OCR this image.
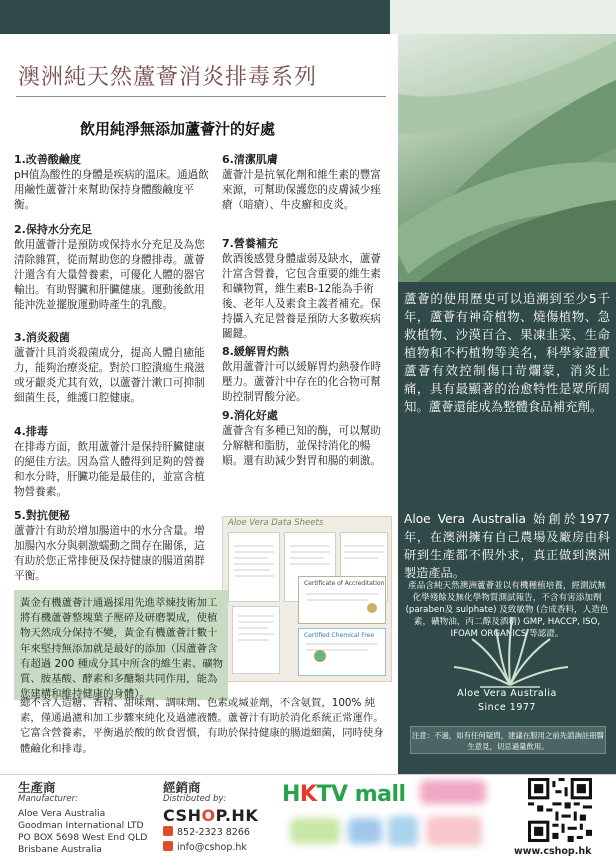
澳洲純天然蘆薈消炎排毒系列
飲用純淨無添加蘆薈汁的好處
1.改善酸鹼度
pH值為酸性的身體是疾病的溫床。通過飲用鹼性蘆薈汁來幫助保持身體酸鹼度平衡。
2.保持水分充足
飲用蘆薈汁是預防或保持水分充足及為您清除雜質，從而幫助您的身體排毒。蘆薈汁還含有大量營養素，可優化人體的器官輸出。有助腎臟和肝臟健康。運動後飲用能沖洗並擺脫運動時產生的乳酸。
3.消炎殺菌
蘆薈汁具消炎殺菌成分，提高人體自癒能力，能夠治療炎症。對於口腔潰瘍生飛滋或牙齦炎尤其有效，以蘆薈汁漱口可抑制細菌生長，維護口腔健康。
4.排毒
在排毒方面，飲用蘆薈汁是保持肝臟健康的絕佳方法。因為當人體得到足夠的營養和水分時，肝臟功能是最佳的，並富含植物營養素。
5.對抗便秘
蘆薈汁有助於增加腸道中的水分含量。增加腸內水分與刺激蠕動之間存在關係，這有助於您正常排便及保持健康的腸道菌群平衡。
6.清潔肌膚
蘆薈汁是抗氧化劑和維生素的豐富來源，可幫助保護您的皮膚減少痤瘡（暗瘡）、牛皮癬和皮炎。
7.營養補充
飲酒後感覺身體虛弱及缺水，蘆薈汁富含營養，它包含重要的維生素和礦物質，維生素B-12能為手術後、老年人及素食主義者補充。保持攝入充足營養是預防大多數疾病關鍵。
8.緩解胃灼熱
飲用蘆薈汁可以緩解胃灼熱發作時壓力。蘆薈汁中存在的化合物可幫助控制胃酸分泌。
9.消化好處
蘆薈含有多種已知的酶，可以幫助分解糖和脂肪，並保持消化的暢順。還有助減少對胃和腸的刺激。
Aloe Vera Data Sheets
Certificate of Accreditation
Certified Chemical Free
黃金有機蘆薈汁通過採用先進萃煉技術加工將有機蘆薈整塊葉子壓碎及研磨製成，使植物天然成分保持不變，黃金有機蘆薈汁數十年來堅持無添加就是最好的添加（因蘆薈含有超過 200 種成分其中所含的維生素、礦物質、胺基酸、酵素和多醣類共同作用，能為您建構和維持健康的身體）。
總不含人造糖、香精、甜味劑、調味劑、色素或堿並劑，不含氨賀，100% 純素，僅通過濾和加工步驟來純化及過濾液體。蘆薈汁有助於消化系統正常運作。 它富含營養素，平衡過於酸的飲食習慣，有助於保持健康的腸道細菌，同時使身體鹼化和排毒。
蘆薈的使用歷史可以追溯到至少5千年，蘆薈有神奇植物、燒傷植物、急救植物、沙漠百合、果凍韭菜、生命植物和不朽植物等美名，科學家證實蘆薈有效控制傷口苛爛蒙，消炎止痛，具有最顯著的治愈特性是眾所周知。蘆薈還能成為整體食品補充劑。
Aloe Vera Australia 始創於1977年，在澳洲擁有自己農場及廠房由科研到生產都不假外求，真正做到澳洲製造產品。
產品含純天然澳洲蘆薈並以有機種植培養，經測試無化學殘餘及無化學物質測試報告，不含有害添加劑 (paraben及 sulphate) 及致敏物 (合成香料，人造色素，礦物油，丙二醇及酒精) GMP, HACCP, ISO, IFOAM ORGANICS 等認證。
Aloe Vera Australia
Since 1977
注意：不過，如有任何疑問，建議在服用之前先諮詢註冊醫生意見，切忌過量飲用。
生產商
Manufacturer:
Aloe Vera Australia
Goodman International LTD
PO BOX 5698 West End QLD
Brisbane Australia
經銷商
Distributed by:
CSHOP.HK
852-2323 8266
info@cshop.hk
HKTV mall
www.cshop.hk
